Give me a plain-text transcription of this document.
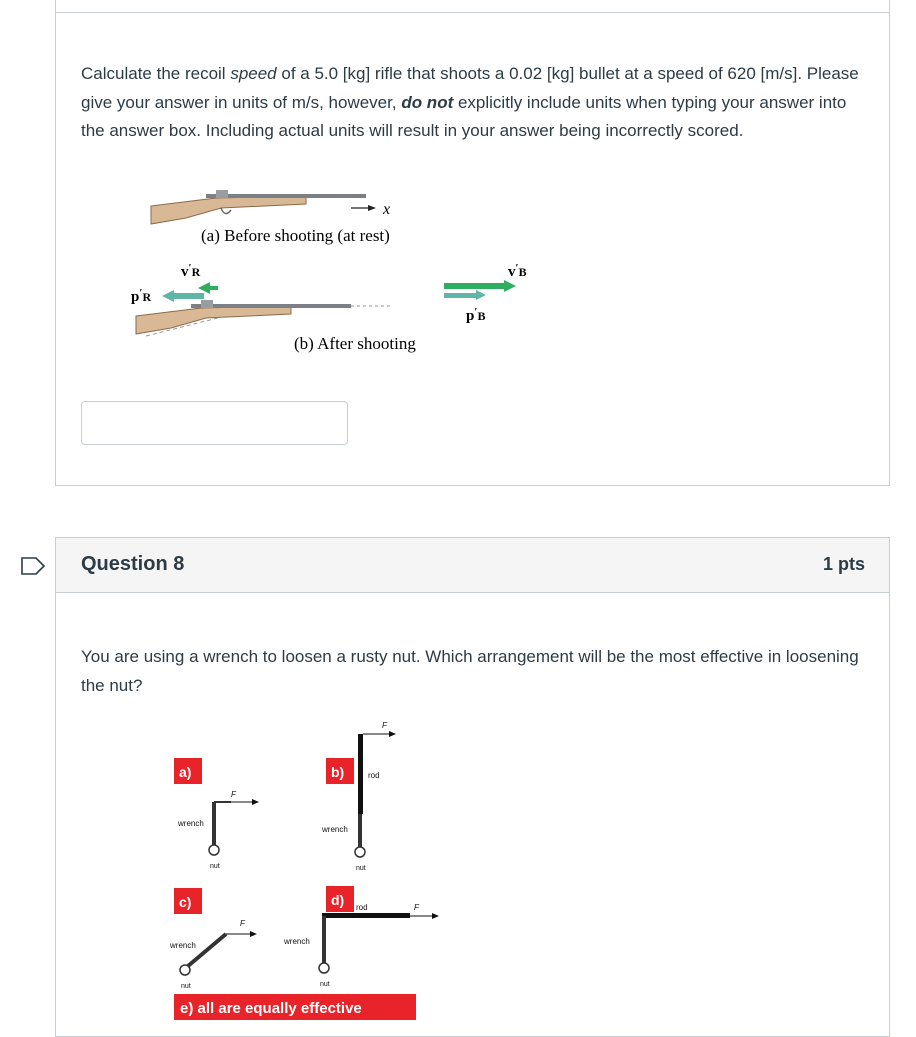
Calculate the recoil speed of a 5.0 [kg] rifle that shoots a 0.02 [kg] bullet at a speed of 620 [m/s]. Please give your answer in units of m/s, however, do not explicitly include units when typing your answer into the answer box. Including actual units will result in your answer being incorrectly scored.
x
(a) Before shooting (at rest)
$v'_R$
$p'_R$
$v'_B$
$p'_B$
(b) After shooting
Question 8	1 pts
You are using a wrench to loosen a rusty nut. Which arrangement will be the most effective in loosening the nut?
a)
F
wrench
nut
b)
F
rod
wrench
nut
c)
F
wrench
nut
d)	F
rod
wrench
nut
e) all are equally effective
